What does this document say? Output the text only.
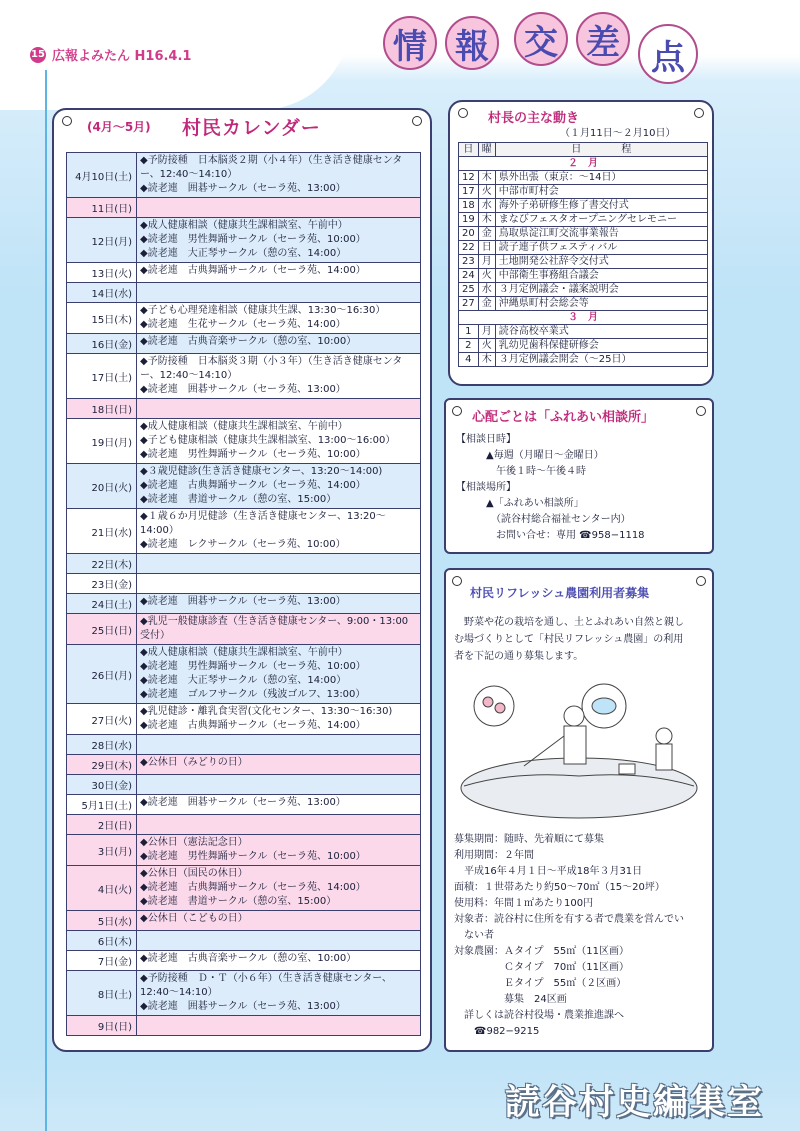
15 広報よみたん H16.4.1	情 報 交 差 点
(4月〜5月)	村民カレンダー
4月10日(土)	◆予防接種　日本脳炎２期（小４年）（生き活き健康センター、12:40〜14:10）
◆読老連　囲碁サークル（セーラ苑、13:00）

11日(日)	
12日(月)	◆成人健康相談（健康共生課相談室、午前中）
◆読老連　男性舞踊サークル（セーラ苑、10:00）
◆読老連　大正琴サークル（憩の室、14:00）

13日(火)	◆読老連　古典舞踊サークル（セーラ苑、14:00）

14日(水)	
15日(木)	◆子ども心理発達相談（健康共生課、13:30〜16:30）
◆読老連　生花サークル（セーラ苑、14:00）

16日(金)	◆読老連　古典音楽サークル（憩の室、10:00）

17日(土)	◆予防接種　日本脳炎３期（小３年）（生き活き健康センター、12:40〜14:10）
◆読老連　囲碁サークル（セーラ苑、13:00）

18日(日)	
19日(月)	◆成人健康相談（健康共生課相談室、午前中）
◆子ども健康相談（健康共生課相談室、13:00〜16:00）
◆読老連　男性舞踊サークル（セーラ苑、10:00）

20日(火)	◆３歳児健診(生き活き健康センター、13:20〜14:00)
◆読老連　古典舞踊サークル（セーラ苑、14:00）
◆読老連　書道サークル（憩の室、15:00）

21日(水)	◆１歳６か月児健診（生き活き健康センター、13:20〜14:00）
◆読老連　レクサークル（セーラ苑、10:00）

22日(木)	
23日(金)	
24日(土)	◆読老連　囲碁サークル（セーラ苑、13:00）

25日(日)	◆乳児一般健康診査（生き活き健康センター、9:00・13:00受付）

26日(月)	◆成人健康相談（健康共生課相談室、午前中）
◆読老連　男性舞踊サークル（セーラ苑、10:00）
◆読老連　大正琴サークル（憩の室、14:00）
◆読老連　ゴルフサークル（残波ゴルフ、13:00）

27日(火)	◆乳児健診・離乳食実習(文化センター、13:30〜16:30)
◆読老連　古典舞踊サークル（セーラ苑、14:00）

28日(水)	
29日(木)	◆公休日（みどりの日）

30日(金)	
5月1日(土)	◆読老連　囲碁サークル（セーラ苑、13:00）

2日(日)	
3日(月)	◆公休日（憲法記念日）
◆読老連　男性舞踊サークル（セーラ苑、10:00）

4日(火)	◆公休日（国民の休日）
◆読老連　古典舞踊サークル（セーラ苑、14:00）
◆読老連　書道サークル（憩の室、15:00）

5日(水)	◆公休日（こどもの日）

6日(木)	
7日(金)	◆読老連　古典音楽サークル（憩の室、10:00）

8日(土)	◆予防接種　Ｄ・Ｔ（小６年）（生き活き健康センター、12:40〜14:10）
◆読老連　囲碁サークル（セーラ苑、13:00）

9日(日)	
村長の主な動き
（１月11日〜２月10日）
日	曜	日　　　　程
２　月		
12	木	県外出張（東京：〜14日）
17	火	中部市町村会
18	水	海外子弟研修生修了書交付式
19	木	まなびフェスタオープニングセレモニー
20	金	鳥取県淀江町交流事業報告
22	日	読子連子供フェスティバル
23	月	土地開発公社辞令交付式
24	火	中部衛生事務組合議会
25	水	３月定例議会・議案説明会
27	金	沖縄県町村会総会等
３　月		
1	月	読谷高校卒業式
2	火	乳幼児歯科保健研修会
4	木	３月定例議会開会（〜25日）
心配ごとは「ふれあい相談所」
【相談日時】
　　　▲毎週（月曜日〜金曜日）
　　　　午後１時〜午後４時
【相談場所】
　　　▲「ふれあい相談所」
　　　　（読谷村総合福祉センター内）
　　　　お問い合せ：専用 ☎958−1118
村民リフレッシュ農園利用者募集
　野菜や花の栽培を通し、土とふれあい自然と親し
む場づくりとして「村民リフレッシュ農園」の利用
者を下記の通り募集します。
募集期間：随時、先着順にて募集
利用期間：２年間
　平成16年４月１日〜平成18年３月31日
面積：１世帯あたり約50〜70㎡（15〜20坪）
使用料：年間１㎡あたり100円
対象者：読谷村に住所を有する者で農業を営んでい
　ない者
対象農園：Ａタイプ　55㎡（11区画）
　　　　　Ｃタイプ　70㎡（11区画）
　　　　　Ｅタイプ　55㎡（２区画）
　　　　　募集　24区画
　詳しくは読谷村役場・農業推進課へ
　　☎982−9215
読谷村史編集室
